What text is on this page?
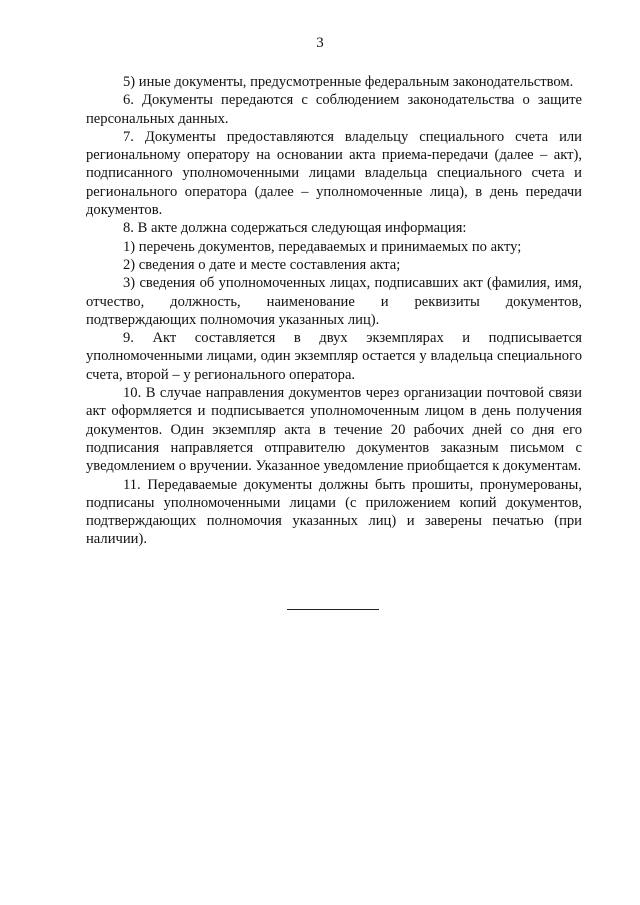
3

5) иные документы, предусмотренные федеральным законодательством.

6. Документы передаются с соблюдением законодательства о защите персональных данных.

7. Документы предоставляются владельцу специального счета или региональному оператору на основании акта приема-передачи (далее – акт), подписанного уполномоченными лицами владельца специального счета и регионального оператора (далее – уполномоченные лица), в день передачи документов.

8. В акте должна содержаться следующая информация:

1) перечень документов, передаваемых и принимаемых по акту;

2) сведения о дате и месте составления акта;

3) сведения об уполномоченных лицах, подписавших акт (фамилия, имя, отчество, должность, наименование и реквизиты документов, подтверждающих полномочия указанных лиц).

9. Акт составляется в двух экземплярах и подписывается уполномоченными лицами, один экземпляр остается у владельца специального счета, второй – у регионального оператора.

10. В случае направления документов через организации почтовой связи акт оформляется и подписывается уполномоченным лицом в день получения документов. Один экземпляр акта в течение 20 рабочих дней со дня его подписания направляется отправителю документов заказным письмом с уведомлением о вручении. Указанное уведомление приобщается к документам.

11. Передаваемые документы должны быть прошиты, пронумерованы, подписаны уполномоченными лицами (с приложением копий документов, подтверждающих полномочия указанных лиц) и заверены печатью (при наличии).
